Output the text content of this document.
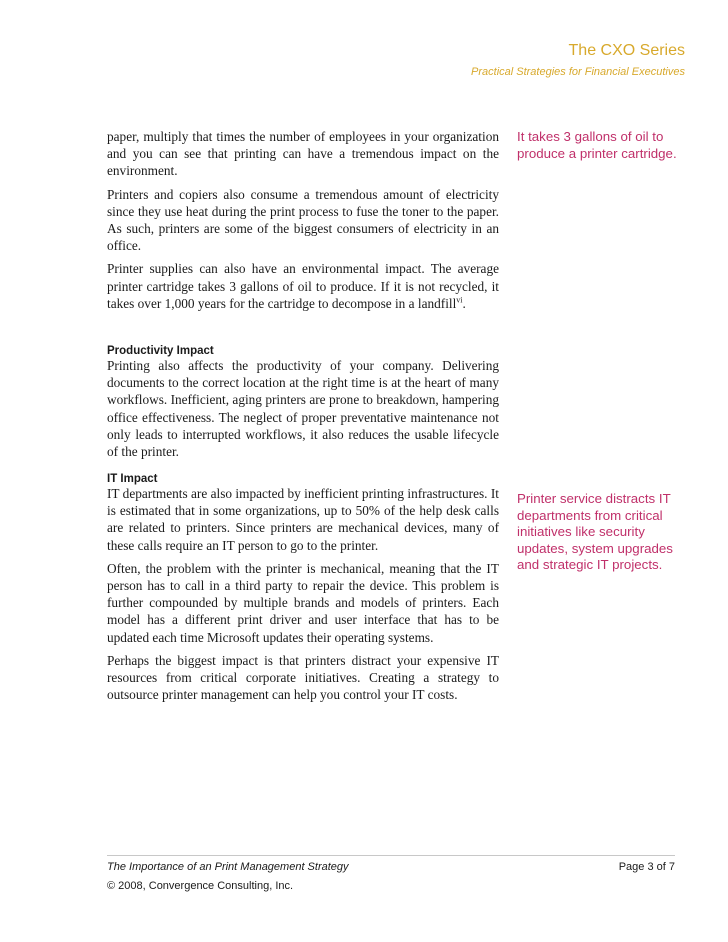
The CXO Series

Practical Strategies for Financial Executives

paper, multiply that times the number of employees in your organization and you can see that printing can have a tremendous impact on the environment.

Printers and copiers also consume a tremendous amount of electricity since they use heat during the print process to fuse the toner to the paper. As such, printers are some of the biggest consumers of electricity in an office.

Printer supplies can also have an environmental impact. The average printer cartridge takes 3 gallons of oil to produce. If it is not recycled, it takes over 1,000 years for the cartridge to decompose in a landfill$^{vi}$.

Productivity Impact

Printing also affects the productivity of your company. Delivering documents to the correct location at the right time is at the heart of many workflows. Inefficient, aging printers are prone to breakdown, hampering office effectiveness. The neglect of proper preventative maintenance not only leads to interrupted workflows, it also reduces the usable lifecycle of the printer.

IT Impact

IT departments are also impacted by inefficient printing infrastructures. It is estimated that in some organizations, up to 50% of the help desk calls are related to printers. Since printers are mechanical devices, many of these calls require an IT person to go to the printer.

Often, the problem with the printer is mechanical, meaning that the IT person has to call in a third party to repair the device. This problem is further compounded by multiple brands and models of printers. Each model has a different print driver and user interface that has to be updated each time Microsoft updates their operating systems.

Perhaps the biggest impact is that printers distract your expensive IT resources from critical corporate initiatives. Creating a strategy to outsource printer management can help you control your IT costs.

It takes 3 gallons of oil to produce a printer cartridge.

Printer service distracts IT departments from critical initiatives like security updates, system upgrades and strategic IT projects.

The Importance of an Print Management Strategy	Page 3 of 7

© 2008, Convergence Consulting, Inc.
